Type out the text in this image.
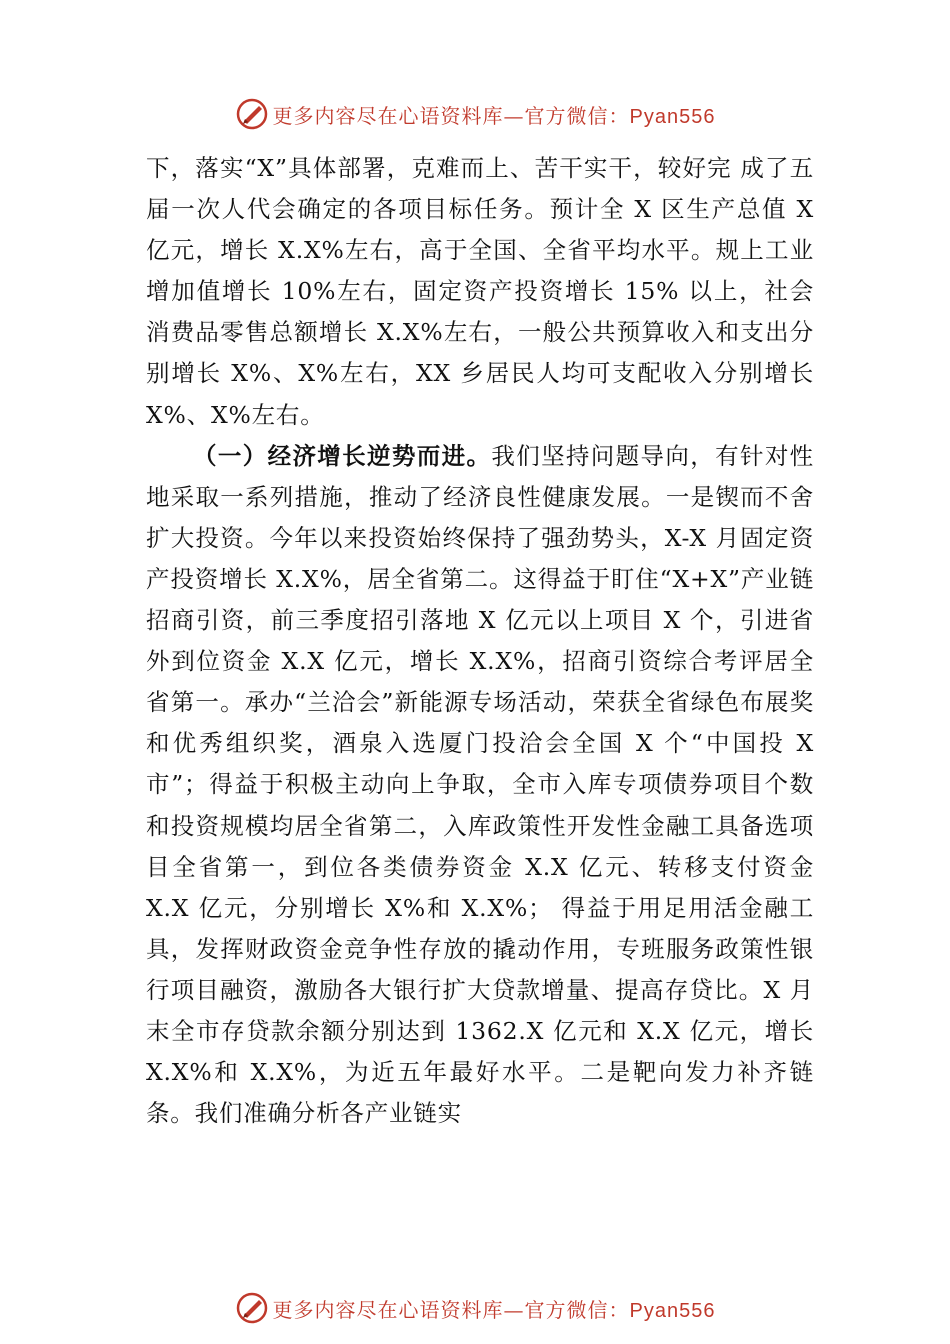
更多内容尽在心语资料库—官方微信：Pyan556

下，落实“X”具体部署，克难而上、苦干实干，较好完 成了五届一次人代会确定的各项目标任务。预计全 X 区生产总值 X 亿元，增长 X.X%左右，高于全国、全省平均水平。规上工业增加值增长 10%左右，固定资产投资增长 15% 以上，社会消费品零售总额增长 X.X%左右，一般公共预算收入和支出分别增长 X%、X%左右，XX 乡居民人均可支配收入分别增长 X%、X%左右。

（一）经济增长逆势而进。我们坚持问题导向，有针对性地采取一系列措施，推动了经济良性健康发展。一是锲而不舍扩大投资。今年以来投资始终保持了强劲势头，X-X 月固定资产投资增长 X.X%，居全省第二。这得益于盯住“X+X”产业链招商引资，前三季度招引落地 X 亿元以上项目 X 个，引进省外到位资金 X.X 亿元，增长 X.X%，招商引资综合考评居全省第一。承办“兰洽会”新能源专场活动，荣获全省绿色布展奖和优秀组织奖，酒泉入选厦门投洽会全国 X 个“中国投 X 市”；得益于积极主动向上争取，全市入库专项债券项目个数和投资规模均居全省第二，入库政策性开发性金融工具备选项目全省第一，到位各类债券资金 X.X 亿元、转移支付资金 X.X 亿元，分别增长 X%和 X.X%； 得益于用足用活金融工具，发挥财政资金竞争性存放的撬动作用，专班服务政策性银行项目融资，激励各大银行扩大贷款增量、提高存贷比。X 月末全市存贷款余额分别达到 1362.X 亿元和 X.X 亿元，增长 X.X%和 X.X%，为近五年最好水平。二是靶向发力补齐链条。我们准确分析各产业链实

更多内容尽在心语资料库—官方微信：Pyan556
